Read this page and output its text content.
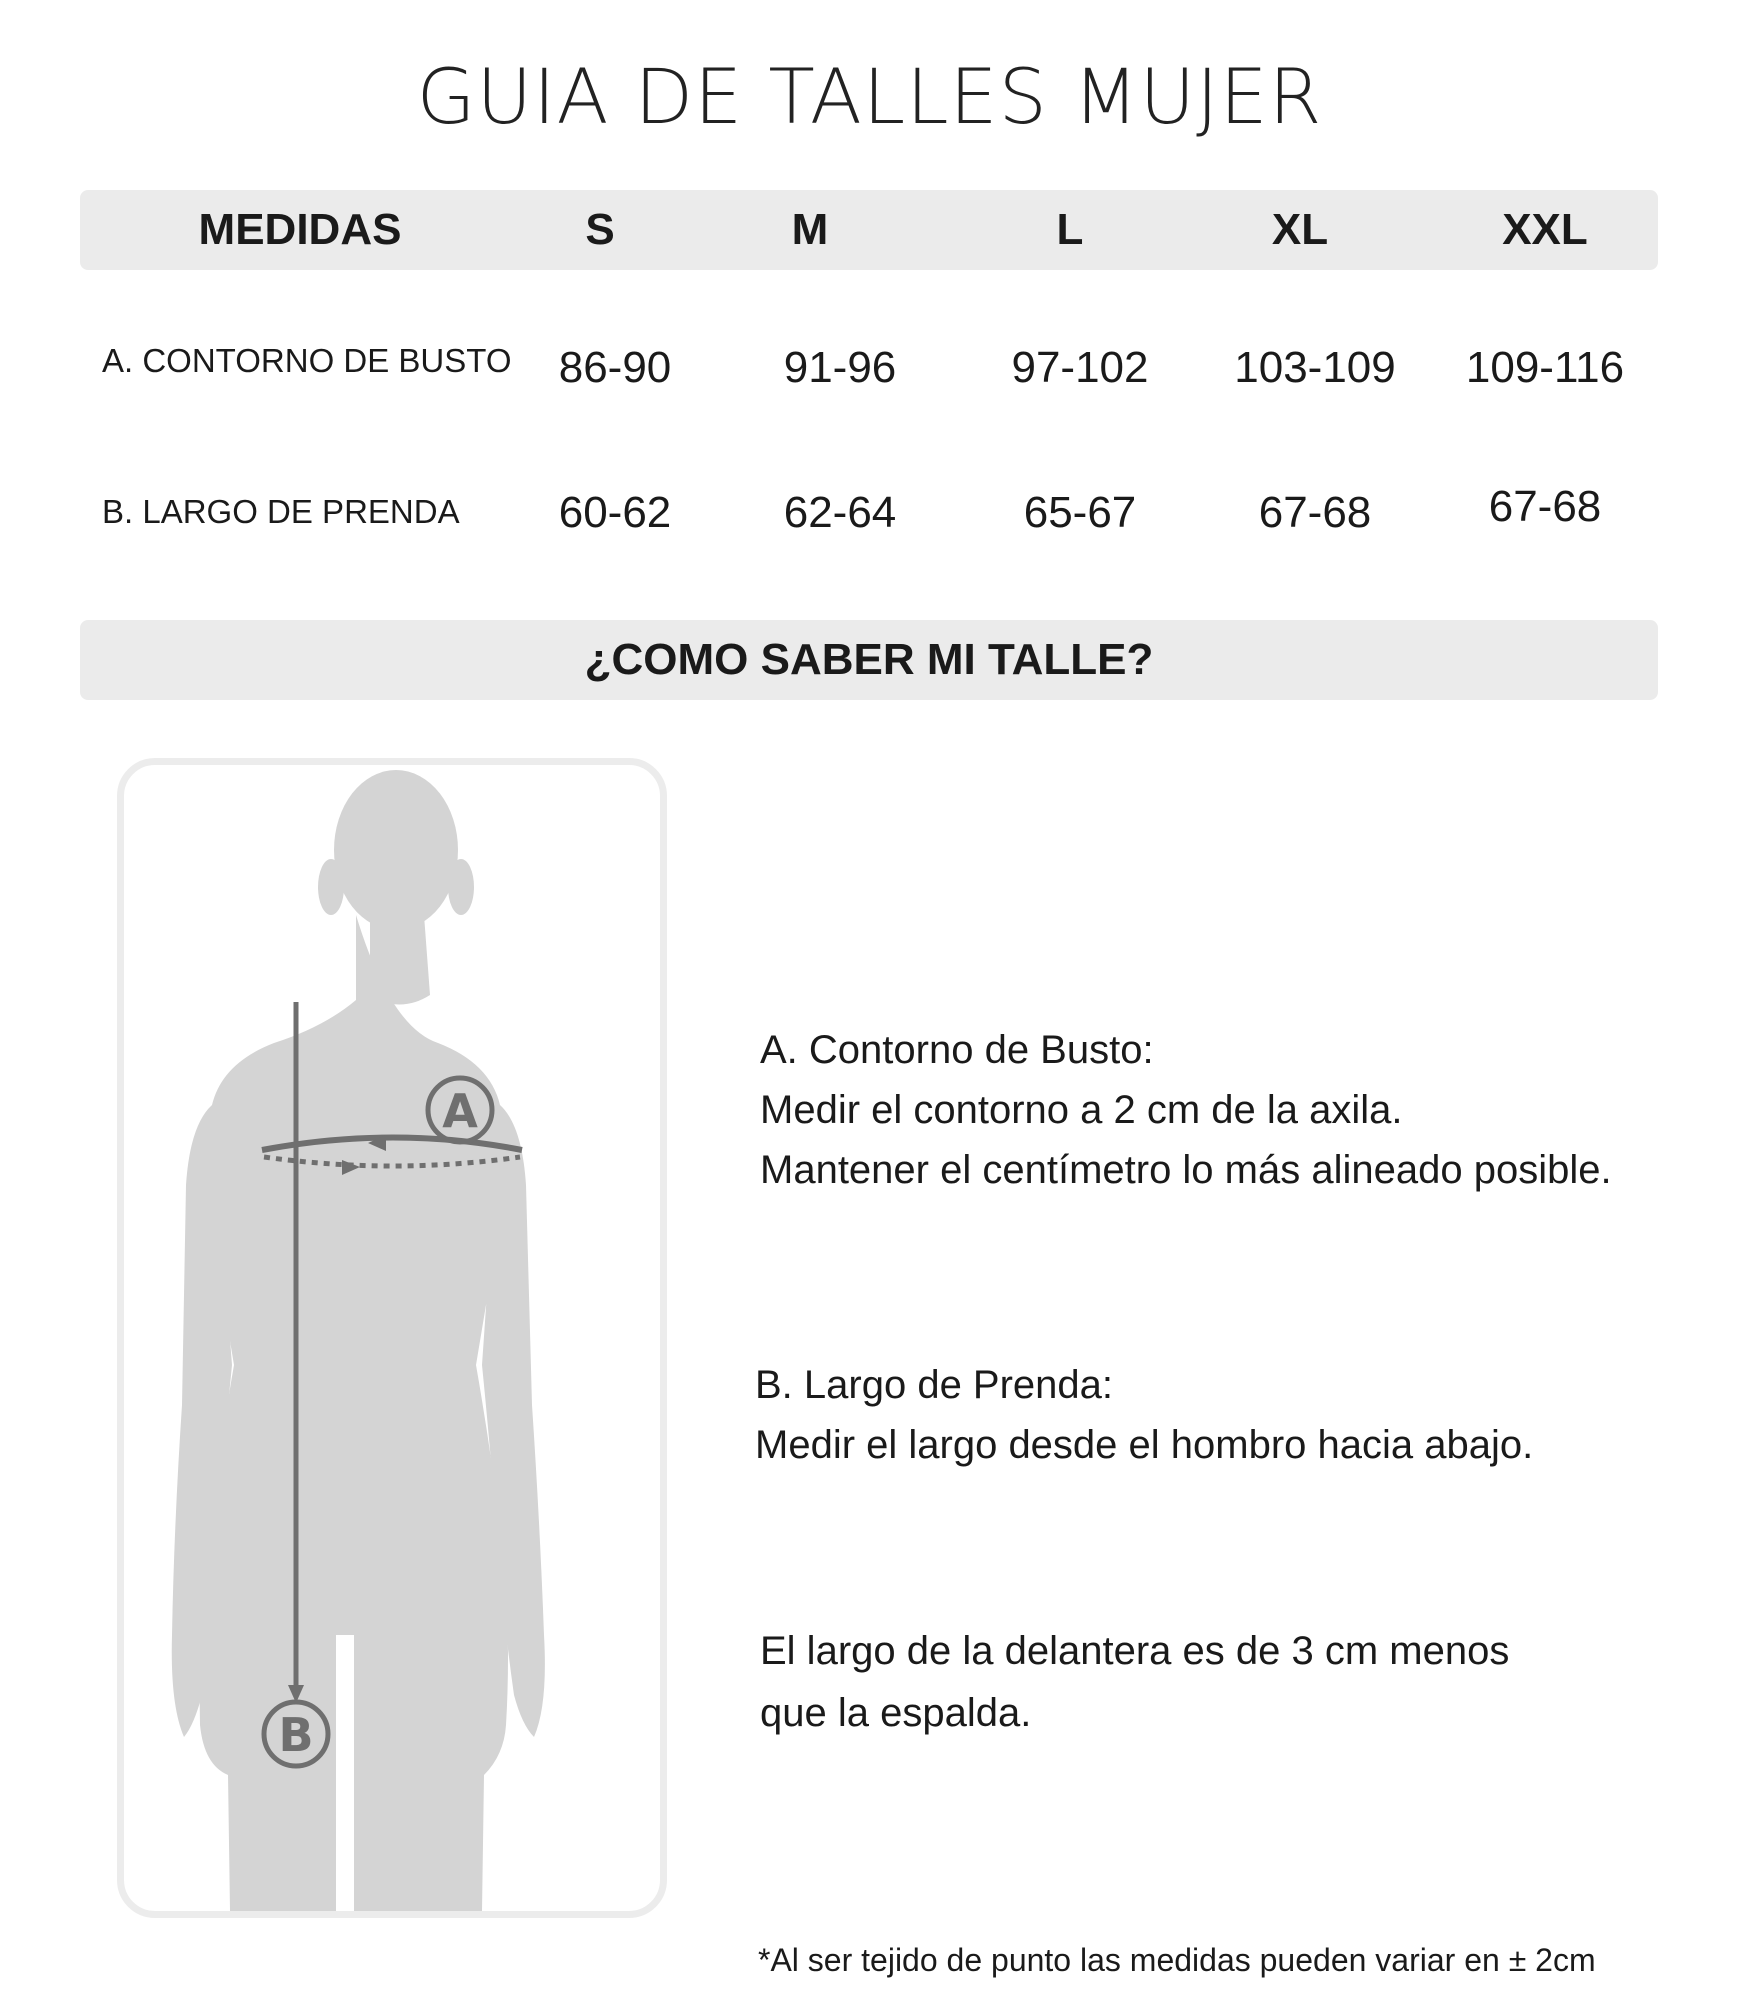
GUIA DE TALLES MUJER
MEDIDAS	S	M	L	XL	XXL
A. CONTORNO DE BUSTO	86-90	91-96	97-102	103-109	109-116
B. LARGO DE PRENDA	60-62	62-64	65-67	67-68	67-68
¿COMO SABER MI TALLE?
A
B
A. Contorno de Busto:
Medir el contorno a 2 cm de la axila.
Mantener el centímetro lo más alineado posible.
B. Largo de Prenda:
Medir el largo desde el hombro hacia abajo.
El largo de la delantera es de 3 cm menos
que la espalda.
*Al ser tejido de punto las medidas pueden variar en ± 2cm
